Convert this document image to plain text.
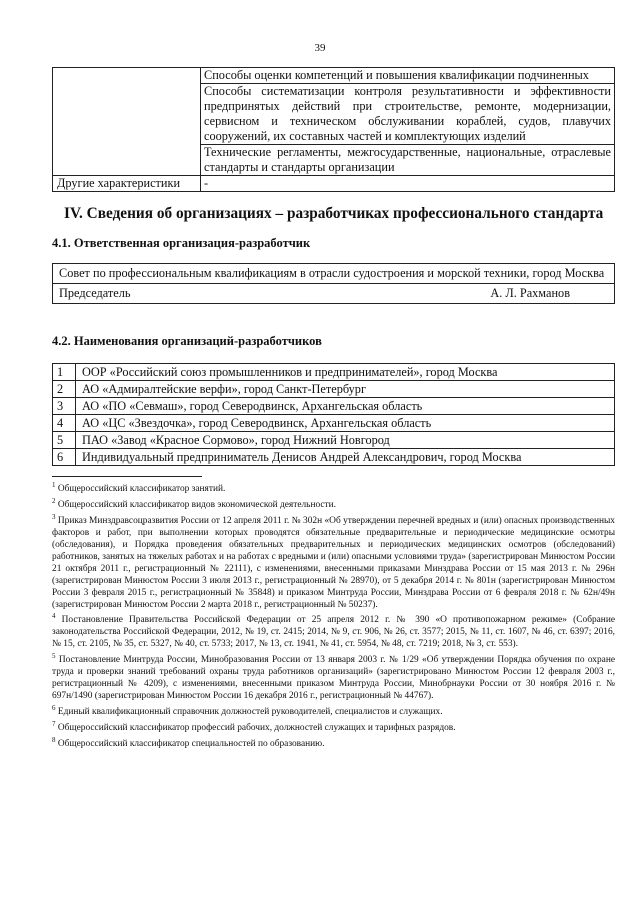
39
	Способы оценки компетенций и повышения квалификации подчиненных
	Способы систематизации контроля результативности и эффективности предпринятых действий при строительстве, ремонте, модернизации, сервисном и техническом обслуживании кораблей, судов, плавучих сооружений, их составных частей и комплектующих изделий
	Технические регламенты, межгосударственные, национальные, отраслевые стандарты и стандарты организации
Другие характеристики	-
IV. Сведения об организациях – разработчиках профессионального стандарта
4.1. Ответственная организация-разработчик
Совет по профессиональным квалификациям в отрасли судостроения и морской техники, город Москва

Председатель	А. Л. Рахманов
4.2. Наименования организаций-разработчиков
1	ООР «Российский союз промышленников и предпринимателей», город Москва
2	АО «Адмиралтейские верфи», город Санкт-Петербург
3	АО «ПО «Севмаш», город Северодвинск, Архангельская область
4	АО «ЦС «Звездочка», город Северодвинск, Архангельская область
5	ПАО «Завод «Красное Сормово», город Нижний Новгород
6	Индивидуальный предприниматель Денисов Андрей Александрович, город Москва

$^1$ Общероссийский классификатор занятий.

$^2$ Общероссийский классификатор видов экономической деятельности.

$^3$ Приказ Минздравсоцразвития России от 12 апреля 2011 г. № 302н «Об утверждении перечней вредных и (или) опасных производственных факторов и работ, при выполнении которых проводятся обязательные предварительные и периодические медицинские осмотры (обследования), и Порядка проведения обязательных предварительных и периодических медицинских осмотров (обследований) работников, занятых на тяжелых работах и на работах с вредными и (или) опасными условиями труда» (зарегистрирован Минюстом России 21 октября 2011 г., регистрационный № 22111), с изменениями, внесенными приказами Минздрава России от 15 мая 2013 г. № 296н (зарегистрирован Минюстом России 3 июля 2013 г., регистрационный № 28970), от 5 декабря 2014 г. № 801н (зарегистрирован Минюстом России 3 февраля 2015 г., регистрационный № 35848) и приказом Минтруда России, Минздрава России от 6 февраля 2018 г. № 62н/49н (зарегистрирован Минюстом России 2 марта 2018 г., регистрационный № 50237).

$^4$ Постановление Правительства Российской Федерации от 25 апреля 2012 г. № 390 «О противопожарном режиме» (Собрание законодательства Российской Федерации, 2012, № 19, ст. 2415; 2014, № 9, ст. 906, № 26, ст. 3577; 2015, № 11, ст. 1607, № 46, ст. 6397; 2016, № 15, ст. 2105, № 35, ст. 5327, № 40, ст. 5733; 2017, № 13, ст. 1941, № 41, ст. 5954, № 48, ст. 7219; 2018, № 3, ст. 553).

$^5$ Постановление Минтруда России, Минобразования России от 13 января 2003 г. № 1/29 «Об утверждении Порядка обучения по охране труда и проверки знаний требований охраны труда работников организаций» (зарегистрировано Минюстом России 12 февраля 2003 г., регистрационный № 4209), с изменениями, внесенными приказом Минтруда России, Минобрнауки России от 30 ноября 2016 г. № 697н/1490 (зарегистрирован Минюстом России 16 декабря 2016 г., регистрационный № 44767).

$^6$ Единый квалификационный справочник должностей руководителей, специалистов и служащих.

$^7$ Общероссийский классификатор профессий рабочих, должностей служащих и тарифных разрядов.

$^8$ Общероссийский классификатор специальностей по образованию.
